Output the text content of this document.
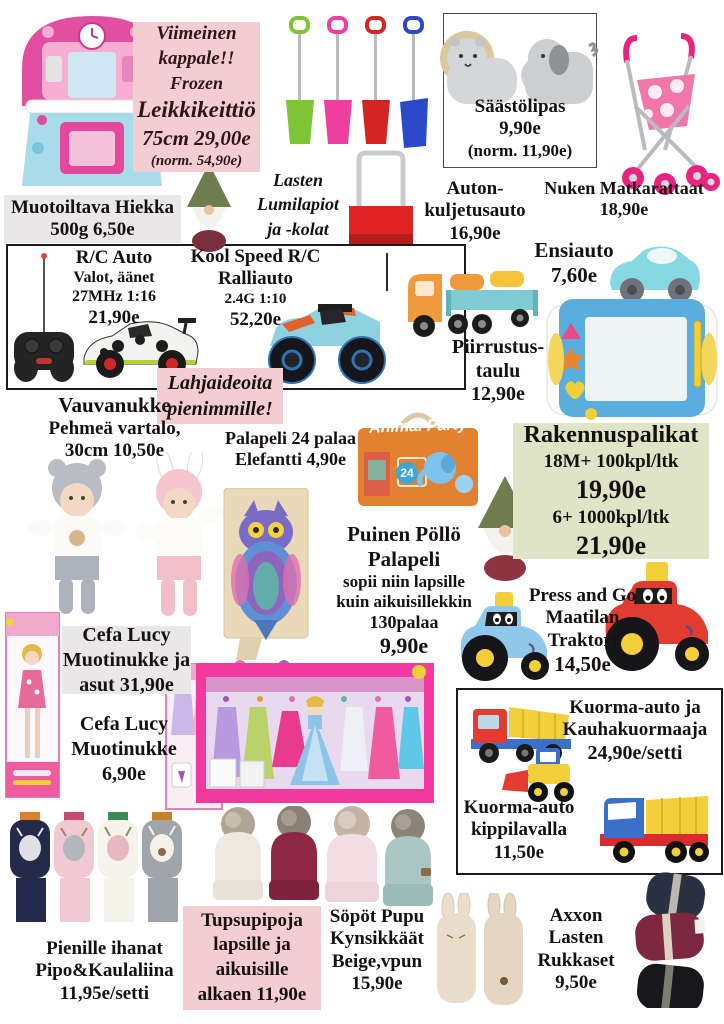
Animal Party
24
Viimeinen
kappale!!
Frozen
Leikkikeittiö
75cm 29,00e
(norm. 54,90e)
Muotoiltava Hiekka
500g 6,50e
Lasten
Lumilapiot
ja -kolat
Säästölipas
9,90e
(norm. 11,90e)
Nuken Matkarattaat
18,90e
Auton-
kuljetusauto
16,90e
R/C Auto
Valot, äänet
27MHz 1:16
21,90e
Kool Speed R/C
Ralliauto
2.4G 1:10
52,20e
Ensiauto
7,60e
Piirrustus-
taulu
12,90e
Lahjaideoita
pienimmille!
Vauvanukke
Pehmeä vartalo,
30cm 10,50e
Palapeli 24 palaa
Elefantti 4,90e
Rakennuspalikat
18M+ 100kpl/ltk
19,90e
6+ 1000kpl/ltk
21,90e
Puinen Pöllö
Palapeli
sopii niin lapsille
kuin aikuisillekkin
130palaa
9,90e
Press and Go
Maatilan
Traktori
14,50e
Cefa Lucy
Muotinukke ja
asut 31,90e
Cefa Lucy
Muotinukke
6,90e
Kuorma-auto ja
Kauhakuormaaja
24,90e/setti
Kuorma-auto
kippilavalla
11,50e
Pienille ihanat
Pipo&Kaulaliina
11,95e/setti
Tupsupipoja
lapsille ja
aikuisille
alkaen 11,90e
Söpöt Pupu
Kynsikkäät
Beige,vpun
15,90e
Axxon
Lasten
Rukkaset
9,50e
